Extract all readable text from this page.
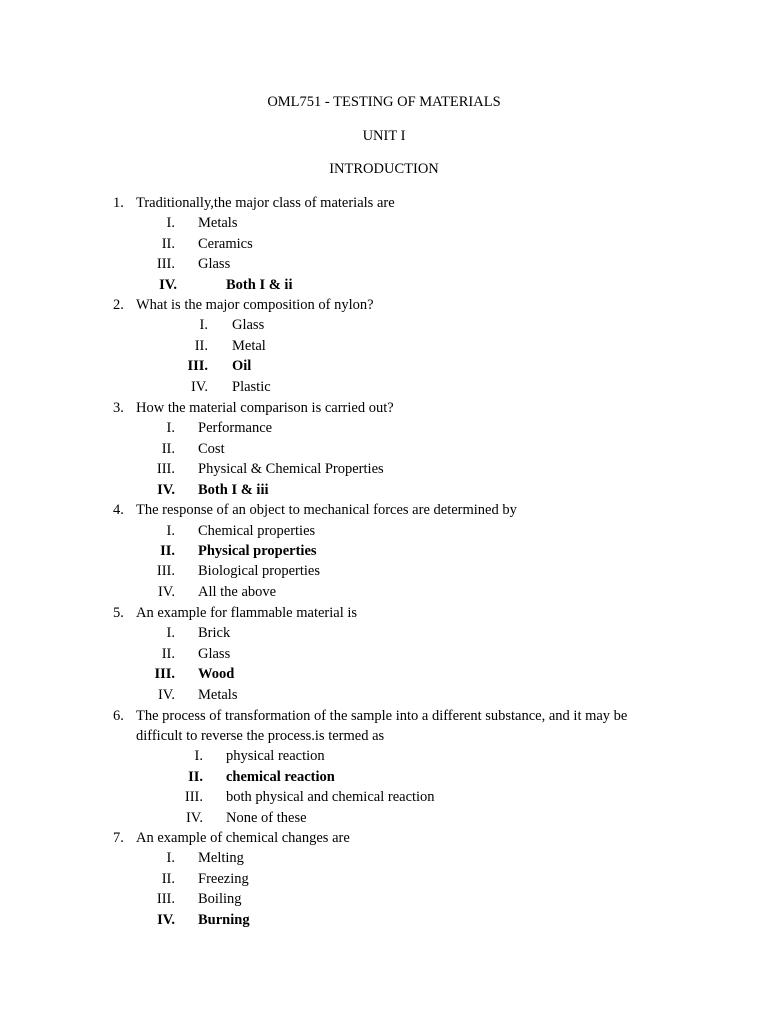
OML751 - TESTING OF MATERIALS
UNIT I
INTRODUCTION
1. Traditionally,the major class of materials are
I. Metals
II. Ceramics
III. Glass
IV.	Both I & ii
2. What is the major composition of nylon?
I. Glass
II. Metal
III. Oil
IV. Plastic
3. How the material comparison is carried out?
I. Performance
II. Cost
III. Physical & Chemical Properties
IV. Both I & iii
4. The response of an object to mechanical forces are determined by
I. Chemical properties
II. Physical properties
III. Biological properties
IV. All the above
5. An example for flammable material is
I. Brick
II. Glass
III. Wood
IV. Metals
6. The process of transformation of the sample into a different substance, and it may be
difficult to reverse the process.is termed as
I. physical reaction
II. chemical reaction
III. both physical and chemical reaction
IV. None of these
7. An example of chemical changes are
I. Melting
II. Freezing
III. Boiling
IV. Burning
